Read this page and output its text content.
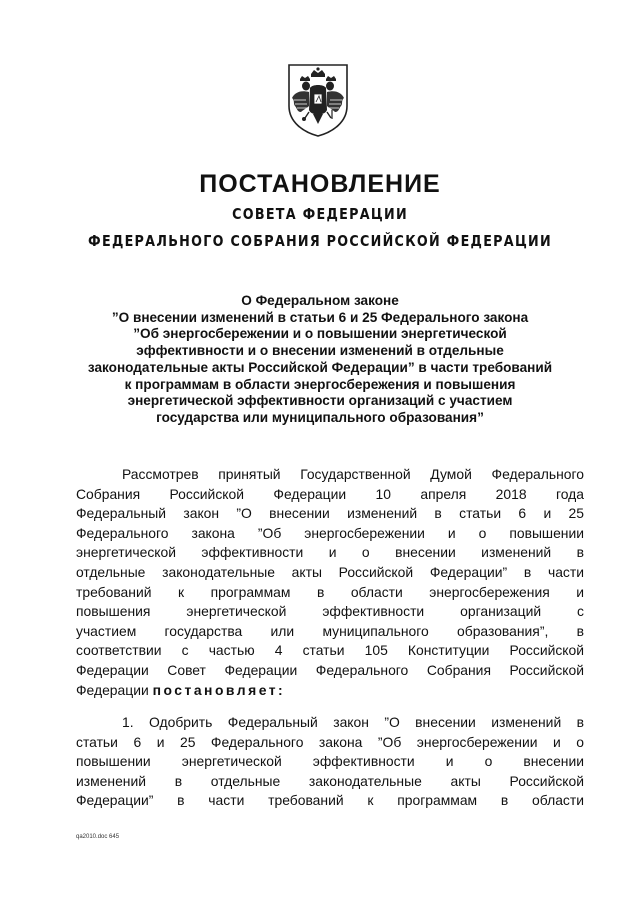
ПОСТАНОВЛЕНИЕ
СОВЕТА ФЕДЕРАЦИИ
ФЕДЕРАЛЬНОГО СОБРАНИЯ РОССИЙСКОЙ ФЕДЕРАЦИИ
О Федеральном законе
”О внесении изменений в статьи 6 и 25 Федерального закона
”Об энергосбережении и о повышении энергетической
эффективности и о внесении изменений в отдельные
законодательные акты Российской Федерации” в части требований
к программам в области энергосбережения и повышения
энергетической эффективности организаций с участием
государства или муниципального образования”
Рассмотрев принятый Государственной Думой Федерального
Собрания Российской Федерации 10 апреля 2018 года
Федеральный закон ”О внесении изменений в статьи 6 и 25
Федерального закона ”Об энергосбережении и о повышении
энергетической эффективности и о внесении изменений в
отдельные законодательные акты Российской Федерации” в части
требований к программам в области энергосбережения и
повышения энергетической эффективности организаций с
участием государства или муниципального образования”, в
соответствии с частью 4 статьи 105 Конституции Российской
Федерации Совет Федерации Федерального Собрания Российской
Федерации постановляет:
1. Одобрить Федеральный закон ”О внесении изменений в
статьи 6 и 25 Федерального закона ”Об энергосбережении и о
повышении энергетической эффективности и о внесении
изменений в отдельные законодательные акты Российской
Федерации” в части требований к программам в области
qa2010.doc 645
